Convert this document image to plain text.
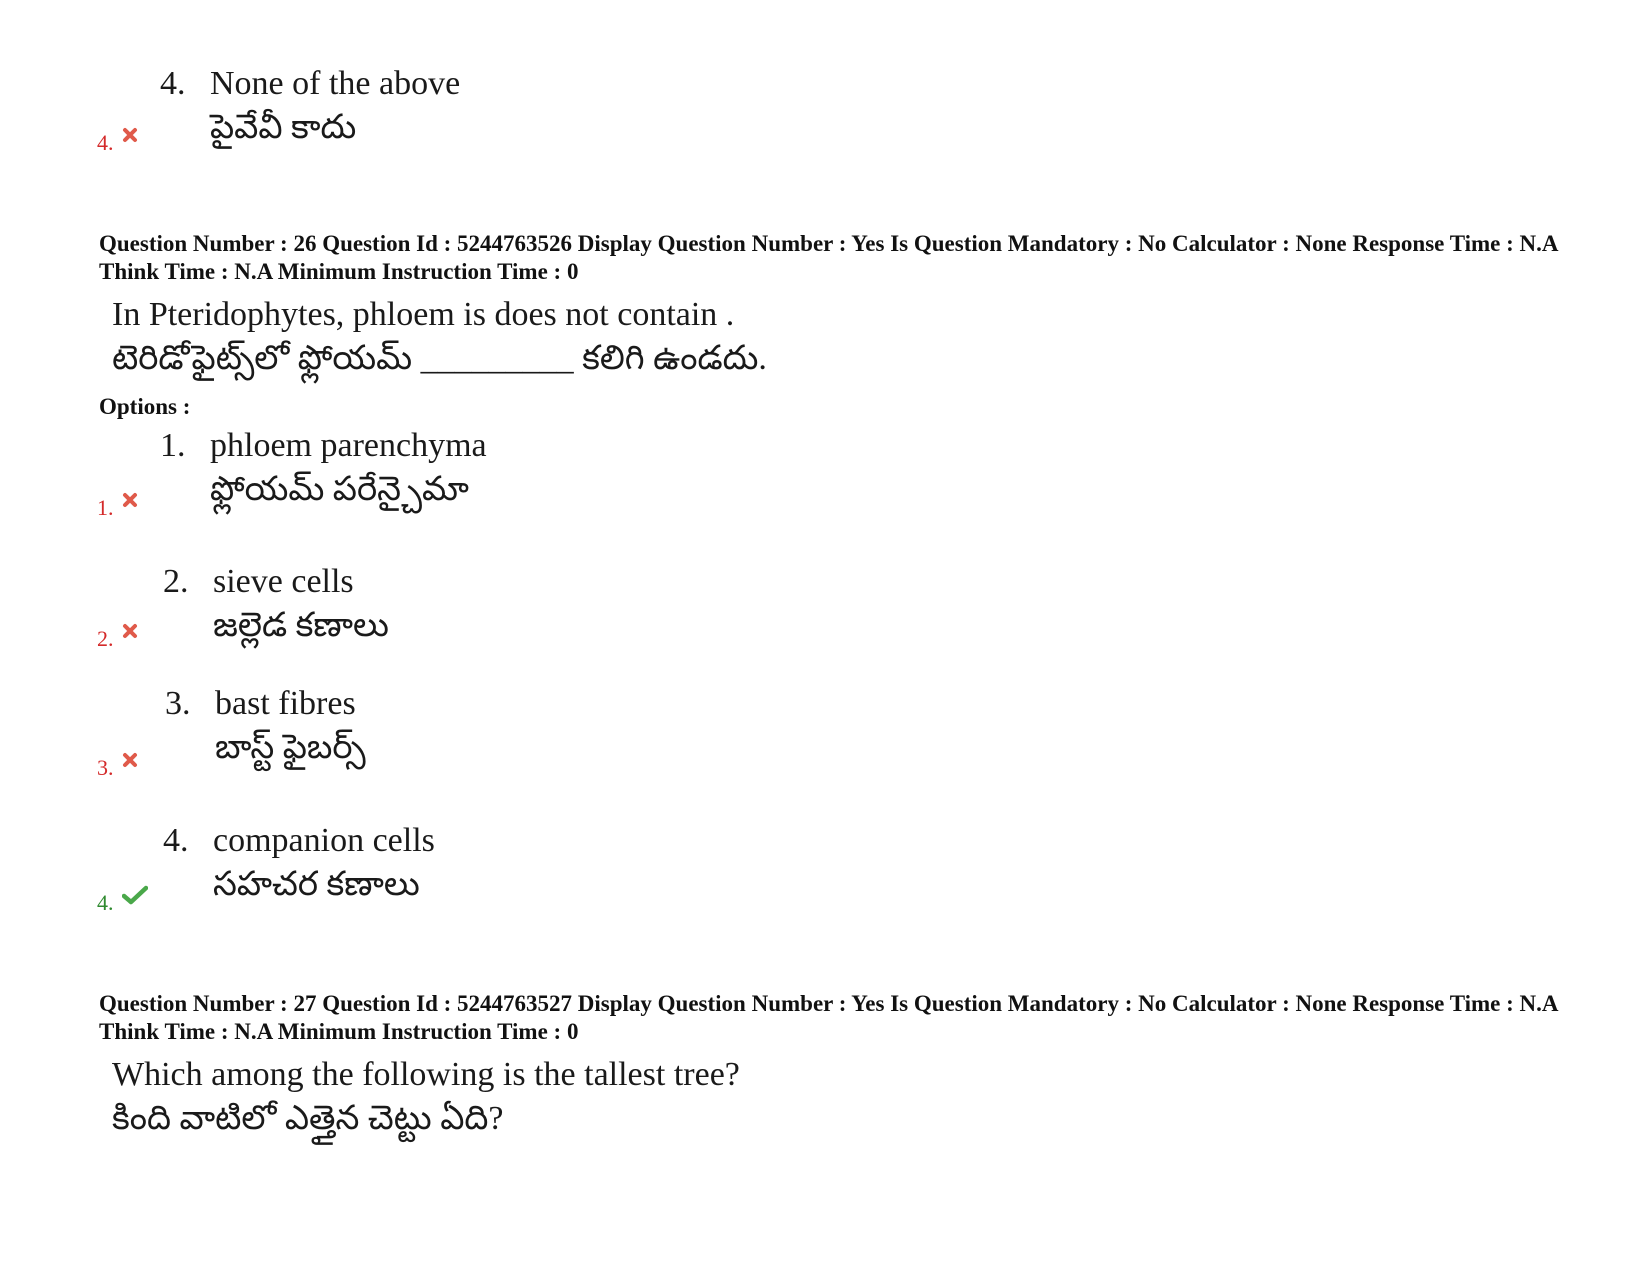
4. None of the above
పైవేవీ కాదు
4.
Question Number : 26 Question Id : 5244763526 Display Question Number : Yes Is Question Mandatory : No Calculator : None Response Time : N.A Think Time : N.A Minimum Instruction Time : 0
In Pteridophytes, phloem is does not contain .
టెరిడోఫైట్స్‌లో ఫ్లోయమ్ _________ కలిగి ఉండదు.
Options :
1. phloem parenchyma
ఫ్లోయమ్ పరేన్చైమా
1.
2. sieve cells
జల్లెడ కణాలు
2.
3. bast fibres
బాస్ట్ ఫైబర్స్
3.
4. companion cells
సహచర కణాలు
4.
Question Number : 27 Question Id : 5244763527 Display Question Number : Yes Is Question Mandatory : No Calculator : None Response Time : N.A Think Time : N.A Minimum Instruction Time : 0
Which among the following is the tallest tree?
కింది వాటిలో ఎత్తైన చెట్టు ఏది?
